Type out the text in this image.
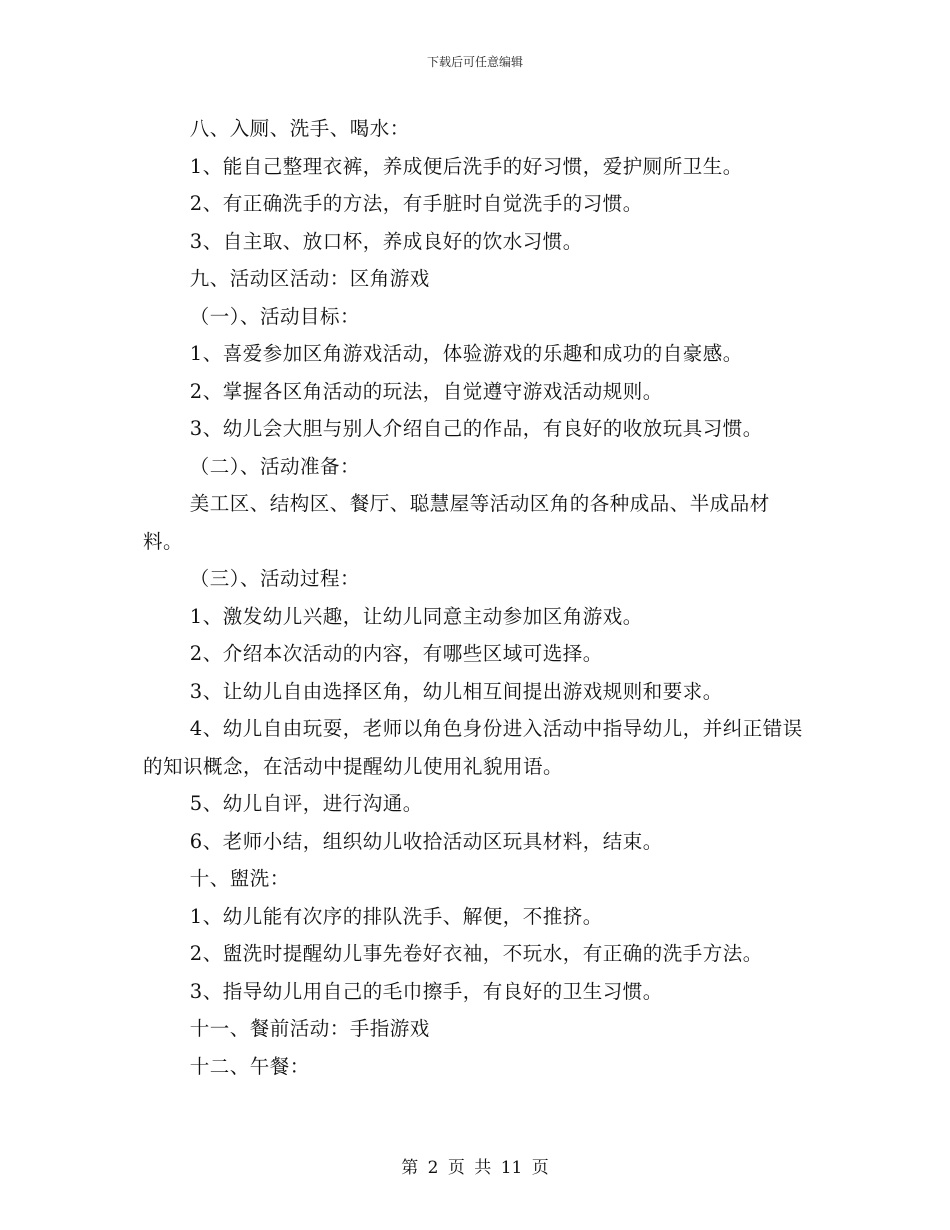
下载后可任意编辑

八、入厕、洗手、喝水：

1、能自己整理衣裤，养成便后洗手的好习惯，爱护厕所卫生。

2、有正确洗手的方法，有手脏时自觉洗手的习惯。

3、自主取、放口杯，养成良好的饮水习惯。

九、活动区活动：区角游戏

（一）、活动目标：

1、喜爱参加区角游戏活动，体验游戏的乐趣和成功的自豪感。

2、掌握各区角活动的玩法，自觉遵守游戏活动规则。

3、幼儿会大胆与别人介绍自己的作品，有良好的收放玩具习惯。

（二）、活动准备：

美工区、结构区、餐厅、聪慧屋等活动区角的各种成品、半成品材料。

（三）、活动过程：

1、激发幼儿兴趣，让幼儿同意主动参加区角游戏。

2、介绍本次活动的内容，有哪些区域可选择。

3、让幼儿自由选择区角，幼儿相互间提出游戏规则和要求。

4、幼儿自由玩耍，老师以角色身份进入活动中指导幼儿，并纠正错误的知识概念，在活动中提醒幼儿使用礼貌用语。

5、幼儿自评，进行沟通。

6、老师小结，组织幼儿收拾活动区玩具材料，结束。

十、盥洗：

1、幼儿能有次序的排队洗手、解便，不推挤。

2、盥洗时提醒幼儿事先卷好衣袖，不玩水，有正确的洗手方法。

3、指导幼儿用自己的毛巾擦手，有良好的卫生习惯。

十一、餐前活动：手指游戏

十二、午餐：

第 2 页 共 11 页
